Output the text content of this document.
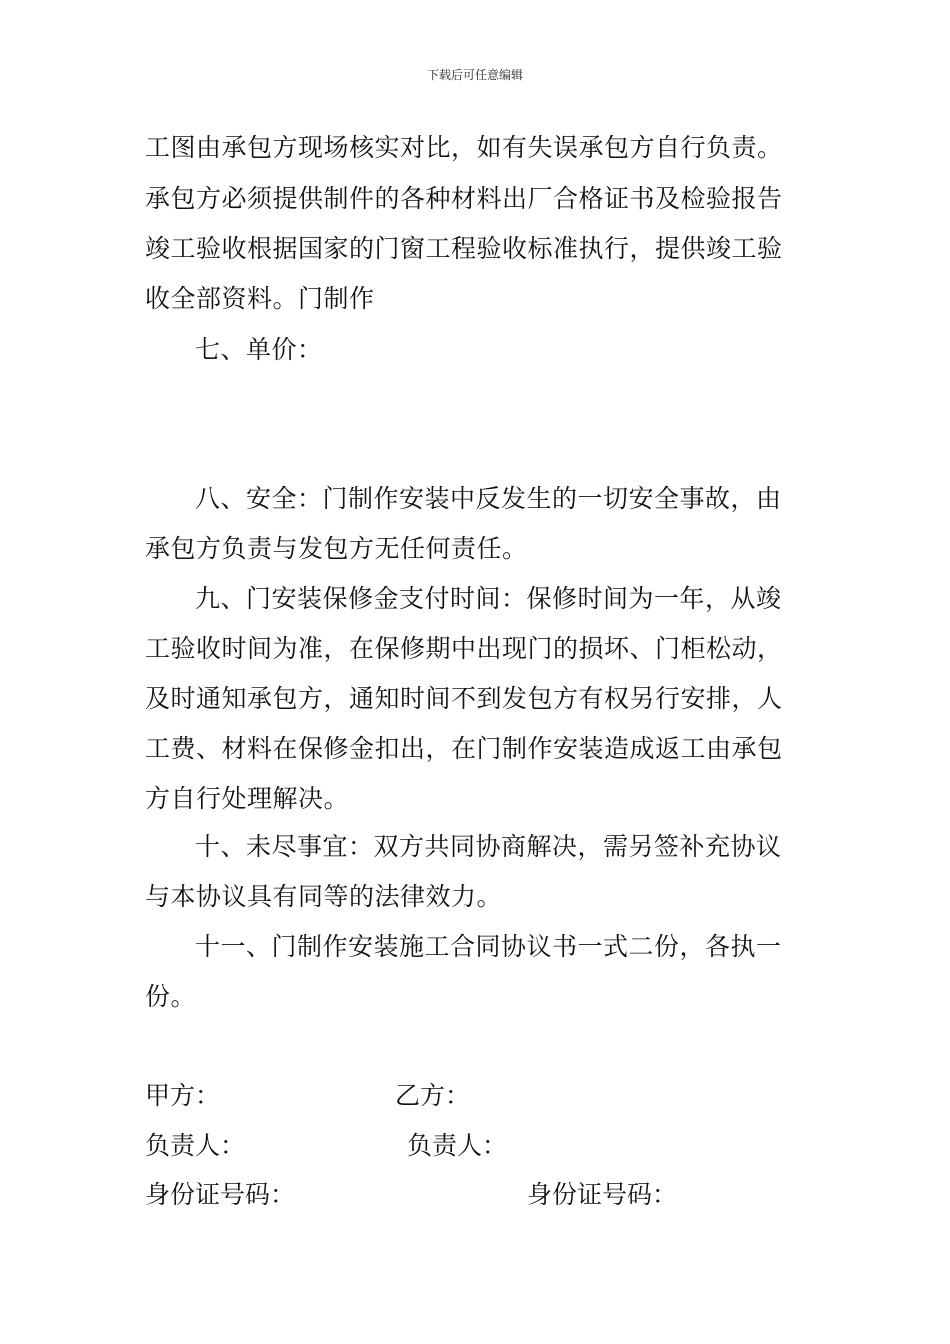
下载后可任意编辑
工图由承包方现场核实对比，如有失误承包方自行负责。
承包方必须提供制件的各种材料出厂合格证书及检验报告
竣工验收根据国家的门窗工程验收标准执行，提供竣工验
收全部资料。门制作
七、单价：
八、安全：门制作安装中反发生的一切安全事故，由
承包方负责与发包方无任何责任。
九、门安装保修金支付时间：保修时间为一年，从竣
工验收时间为准，在保修期中出现门的损坏、门柜松动，
及时通知承包方，通知时间不到发包方有权另行安排，人
工费、材料在保修金扣出，在门制作安装造成返工由承包
方自行处理解决。
十、未尽事宜：双方共同协商解决，需另签补充协议
与本协议具有同等的法律效力。
十一、门制作安装施工合同协议书一式二份，各执一
份。
甲方：	乙方：
负责人：	负责人：
身份证号码：	身份证号码：
